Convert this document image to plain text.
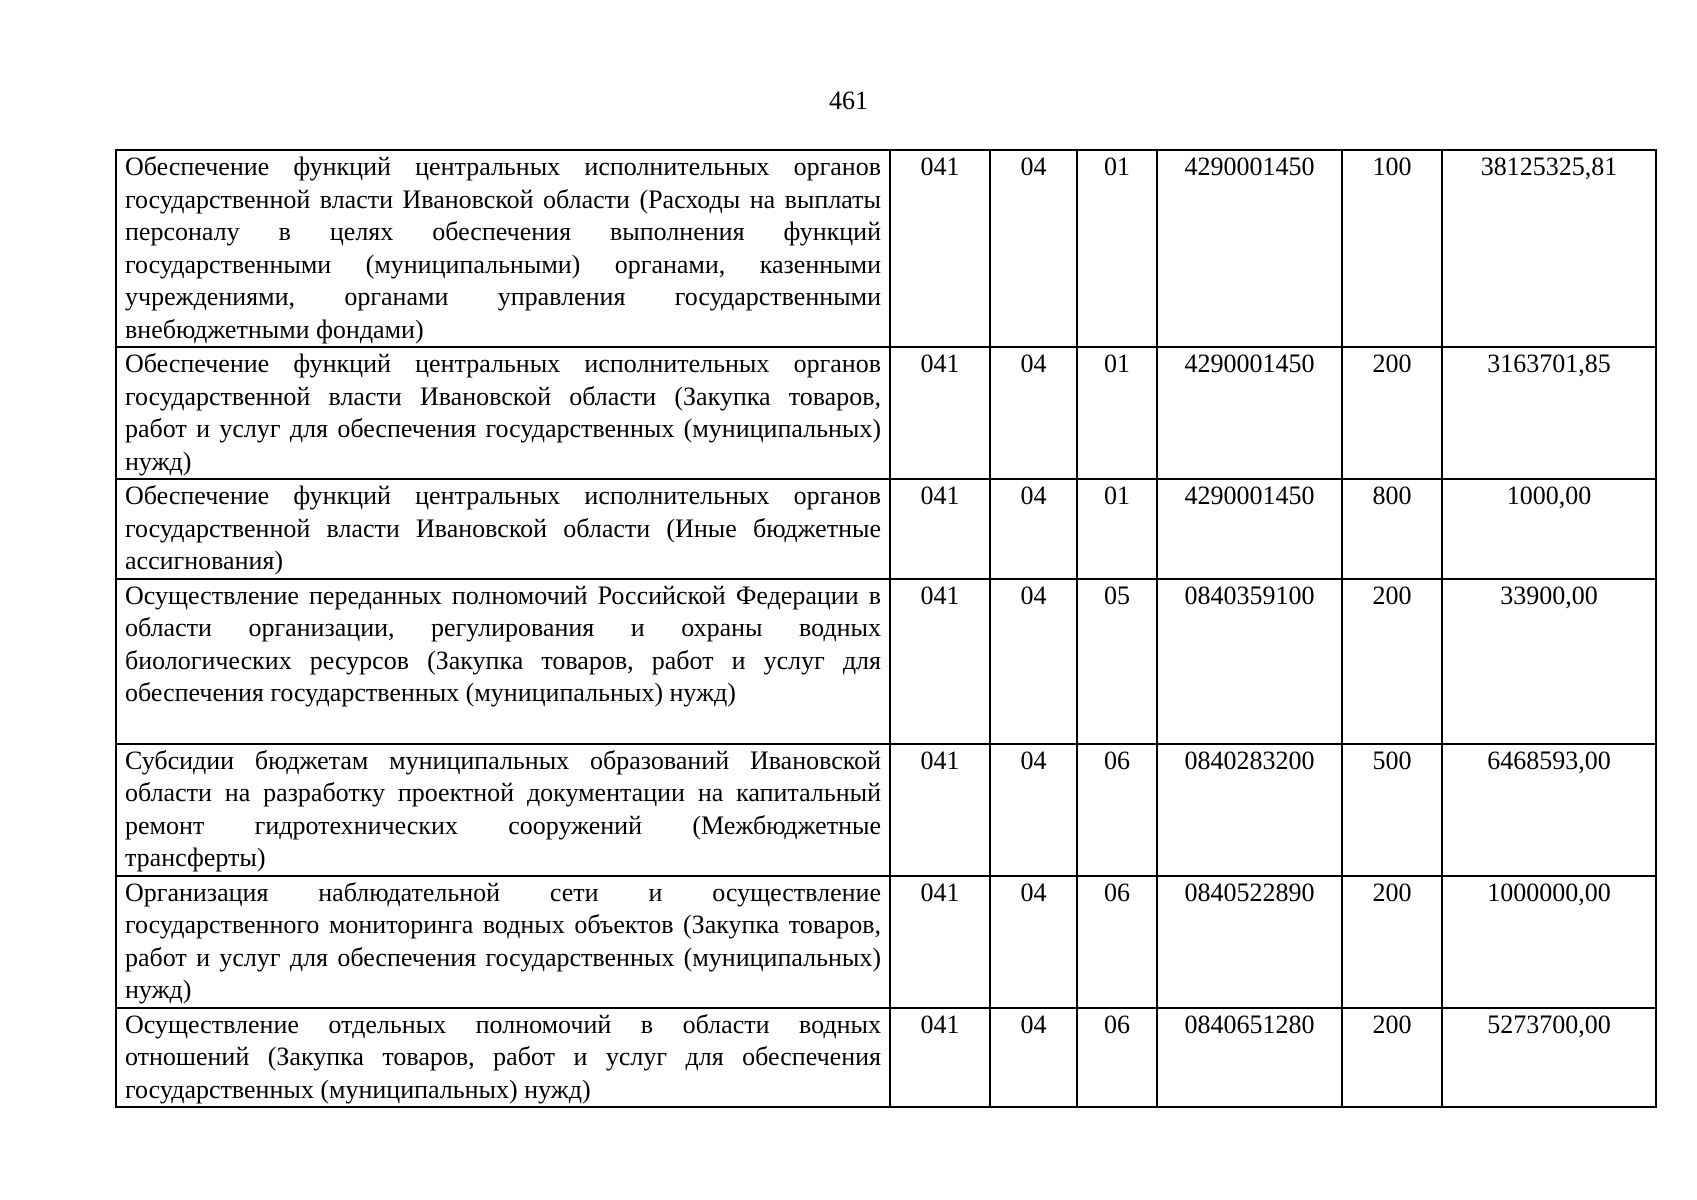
461
Обеспечение функций центральных исполнительных органов государственной власти Ивановской области (Расходы на выплаты персоналу в целях обеспечения выполнения функций государственными (муниципальными) органами, казенными учреждениями, органами управления государственными внебюджетными фондами)	041	04	01	4290001450	100	38125325,81
Обеспечение функций центральных исполнительных органов государственной власти Ивановской области (Закупка товаров, работ и услуг для обеспечения государственных (муниципальных) нужд)	041	04	01	4290001450	200	3163701,85
Обеспечение функций центральных исполнительных органов государственной власти Ивановской области (Иные бюджетные ассигнования)	041	04	01	4290001450	800	1000,00
Осуществление переданных полномочий Российской Федерации в области организации, регулирования и охраны водных биологических ресурсов (Закупка товаров, работ и услуг для обеспечения государственных (муниципальных) нужд)	041	04	05	0840359100	200	33900,00
Субсидии бюджетам муниципальных образований Ивановской области на разработку проектной документации на капитальный ремонт гидротехнических сооружений (Межбюджетные трансферты)	041	04	06	0840283200	500	6468593,00
Организация наблюдательной сети и осуществление государственного мониторинга водных объектов (Закупка товаров, работ и услуг для обеспечения государственных (муниципальных) нужд)	041	04	06	0840522890	200	1000000,00
Осуществление отдельных полномочий в области водных отношений (Закупка товаров, работ и услуг для обеспечения государственных (муниципальных) нужд)	041	04	06	0840651280	200	5273700,00
